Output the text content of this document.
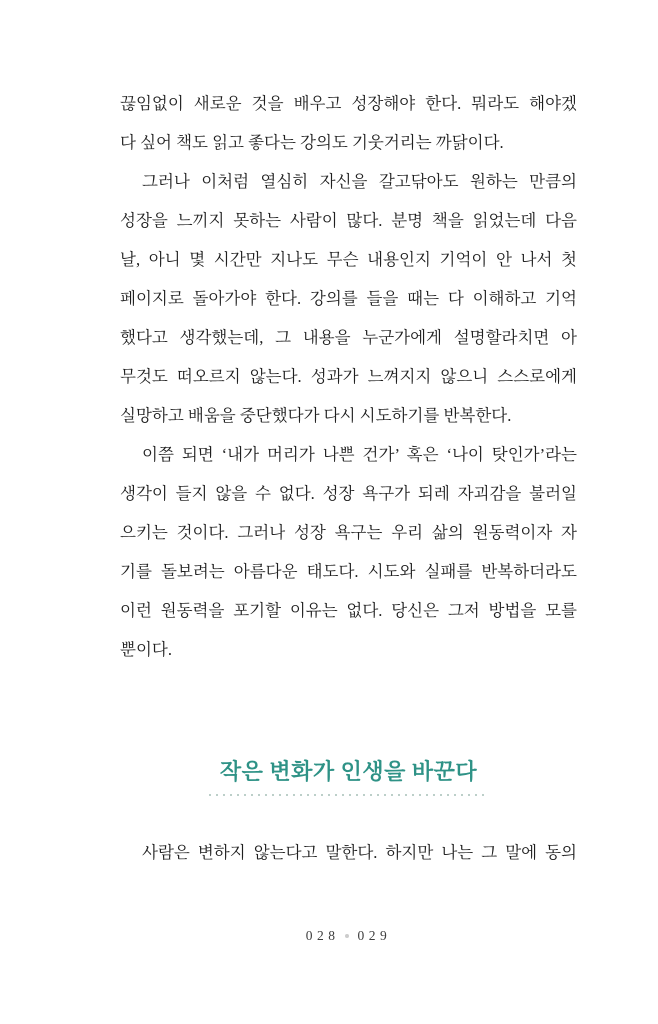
끊임없이 새로운 것을 배우고 성장해야 한다. 뭐라도 해야겠
다 싶어 책도 읽고 좋다는 강의도 기웃거리는 까닭이다.
그러나 이처럼 열심히 자신을 갈고닦아도 원하는 만큼의
성장을 느끼지 못하는 사람이 많다. 분명 책을 읽었는데 다음
날, 아니 몇 시간만 지나도 무슨 내용인지 기억이 안 나서 첫
페이지로 돌아가야 한다. 강의를 들을 때는 다 이해하고 기억
했다고 생각했는데, 그 내용을 누군가에게 설명할라치면 아
무것도 떠오르지 않는다. 성과가 느껴지지 않으니 스스로에게
실망하고 배움을 중단했다가 다시 시도하기를 반복한다.
이쯤 되면 ‘내가 머리가 나쁜 건가’ 혹은 ‘나이 탓인가’라는
생각이 들지 않을 수 없다. 성장 욕구가 되레 자괴감을 불러일
으키는 것이다. 그러나 성장 욕구는 우리 삶의 원동력이자 자
기를 돌보려는 아름다운 태도다. 시도와 실패를 반복하더라도
이런 원동력을 포기할 이유는 없다. 당신은 그저 방법을 모를
뿐이다.
작은 변화가 인생을 바꾼다
사람은 변하지 않는다고 말한다. 하지만 나는 그 말에 동의
028 029
